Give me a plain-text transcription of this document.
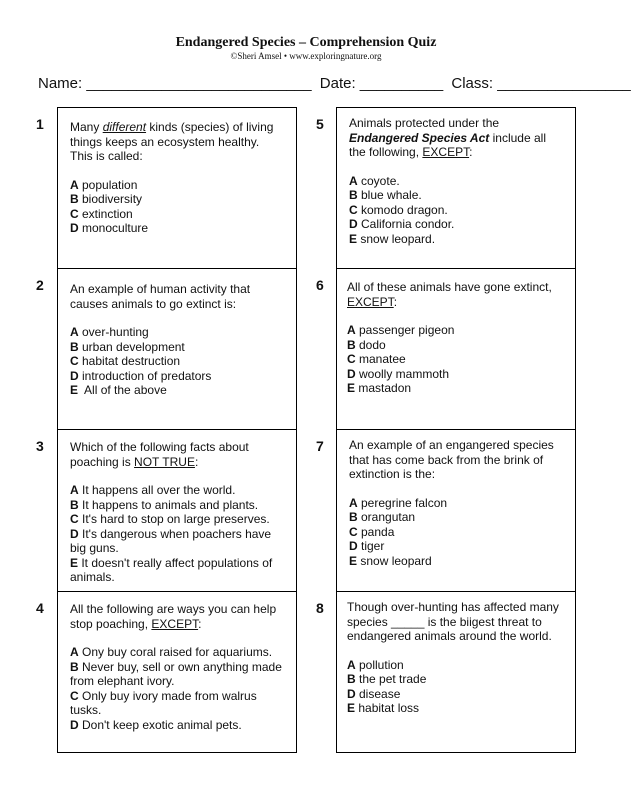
Endangered Species – Comprehension Quiz
©Sheri Amsel • www.exploringnature.org
Name: ___________________________ Date: __________ Class: ________________
1
2
3
4
5
6
7
8

Many different kinds (species) of living things keeps an ecosystem healthy. This is called:

A population

B biodiversity

C extinction

D monoculture

An example of human activity that causes animals to go extinct is:

A over-hunting

B urban development

C habitat destruction

D introduction of predators

E  All of the above

Which of the following facts about poaching is NOT TRUE:

A It happens all over the world.

B It happens to animals and plants.

C It's hard to stop on large preserves.

D It's dangerous when poachers have big guns.

E It doesn't really affect populations of animals.

All the following are ways you can help stop poaching, EXCEPT:

A Ony buy coral raised for aquariums.

B Never buy, sell or own anything made from elephant ivory.

C Only buy ivory made from walrus tusks.

D Don't keep exotic animal pets.

Animals protected under the Endangered Species Act include all the following, EXCEPT:

A coyote.

B blue whale.

C komodo dragon.

D California condor.

E snow leopard.

All of these animals have gone extinct, EXCEPT:

A passenger pigeon

B dodo

C manatee

D woolly mammoth

E mastadon

An example of an engangered species that has come back from the brink of extinction is the:

A peregrine falcon

B orangutan

C panda

D tiger

E snow leopard

Though over-hunting has affected many species _____ is the biigest threat to endangered animals around the world.

A pollution

B the pet trade

D disease

E habitat loss
